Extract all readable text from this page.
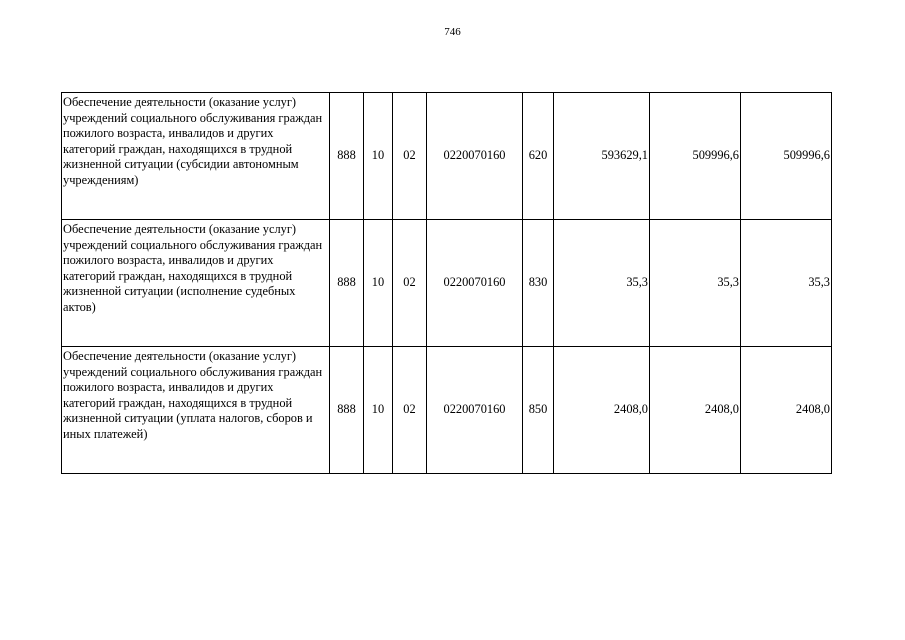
746
Обеспечение деятельности (оказание услуг) учреждений социального обслуживания граждан пожилого возраста, инвалидов и других категорий граждан, находящихся в трудной жизненной ситуации (субсидии автономным учреждениям)	888	10	02	0220070160	620	593629,1	509996,6	509996,6
Обеспечение деятельности (оказание услуг) учреждений социального обслуживания граждан пожилого возраста, инвалидов и других категорий граждан, находящихся в трудной жизненной ситуации (исполнение судебных актов)	888	10	02	0220070160	830	35,3	35,3	35,3
Обеспечение деятельности (оказание услуг) учреждений социального обслуживания граждан пожилого возраста, инвалидов и других категорий граждан, находящихся в трудной жизненной ситуации (уплата налогов, сборов и иных платежей)	888	10	02	0220070160	850	2408,0	2408,0	2408,0
